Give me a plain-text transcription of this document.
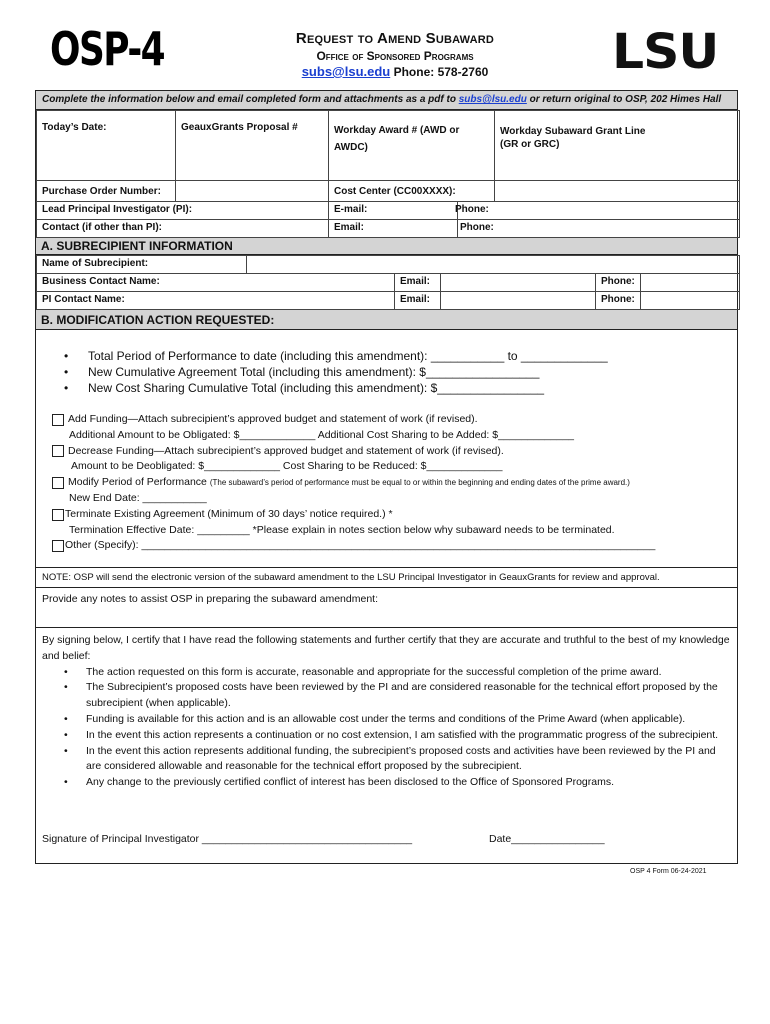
OSP-4	Request to Amend Subaward
Office of Sponsored Programs
subs@lsu.edu Phone: 578-2760	LSU
Complete the information below and email completed form and attachments as a pdf to subs@lsu.edu or return original to OSP, 202 Himes Hall
Today’s Date:	GeauxGrants Proposal #	Workday Award # (AWD or
AWDC)		Workday Subaward Grant Line
(GR or GRC)

Purchase Order Number:		Cost Center (CC00XXXX):		
Lead Principal Investigator (PI):		E-mail:	Phone:	
Contact (if other than PI):		Email:	Phone:	
A. SUBRECIPIENT INFORMATION
Name of Subrecipient:					
Business Contact Name:		Email:		Phone:	
PI Contact Name:		Email:		Phone:	
B. MODIFICATION ACTION REQUESTED:
• Total Period of Performance to date (including this amendment): ___________ to _____________
• New Cumulative Agreement Total (including this amendment): $_________________
• New Cost Sharing Cumulative Total (including this amendment): $________________
Add Funding—Attach subrecipient’s approved budget and statement of work (if revised).
Additional Amount to be Obligated: $_____________ Additional Cost Sharing to be Added: $_____________
Decrease Funding—Attach subrecipient’s approved budget and statement of work (if revised).
Amount to be Deobligated: $_____________ Cost Sharing to be Reduced: $_____________
Modify Period of Performance
(The subaward’s period of performance must be equal to or within the beginning and ending dates of the prime award.)
New End Date: ___________
Terminate Existing Agreement (Minimum of 30 days’ notice required.) *
Termination Effective Date: _________ *Please explain in notes section below why subaward needs to be terminated.
Other (Specify): ________________________________________________________________________________________
NOTE: OSP will send the electronic version of the subaward amendment to the LSU Principal Investigator in GeauxGrants for review and approval.
Provide any notes to assist OSP in preparing the subaward amendment:
By signing below, I certify that I have read the following statements and further certify that they are accurate and truthful to the best of my knowledge and belief:
• The action requested on this form is accurate, reasonable and appropriate for the successful completion of the prime award.
• The Subrecipient’s proposed costs have been reviewed by the PI and are considered reasonable for the technical effort proposed by the subrecipient (when applicable).
• Funding is available for this action and is an allowable cost under the terms and conditions of the Prime Award (when applicable).
• In the event this action represents a continuation or no cost extension, I am satisfied with the programmatic progress of the subrecipient.
• In the event this action represents additional funding, the subrecipient’s proposed costs and activities have been reviewed by the PI and are considered allowable and reasonable for the technical effort proposed by the subrecipient.
• Any change to the previously certified conflict of interest has been disclosed to the Office of Sponsored Programs.
Signature of Principal Investigator ____________________________________	Date________________
OSP 4 Form 06-24-2021
